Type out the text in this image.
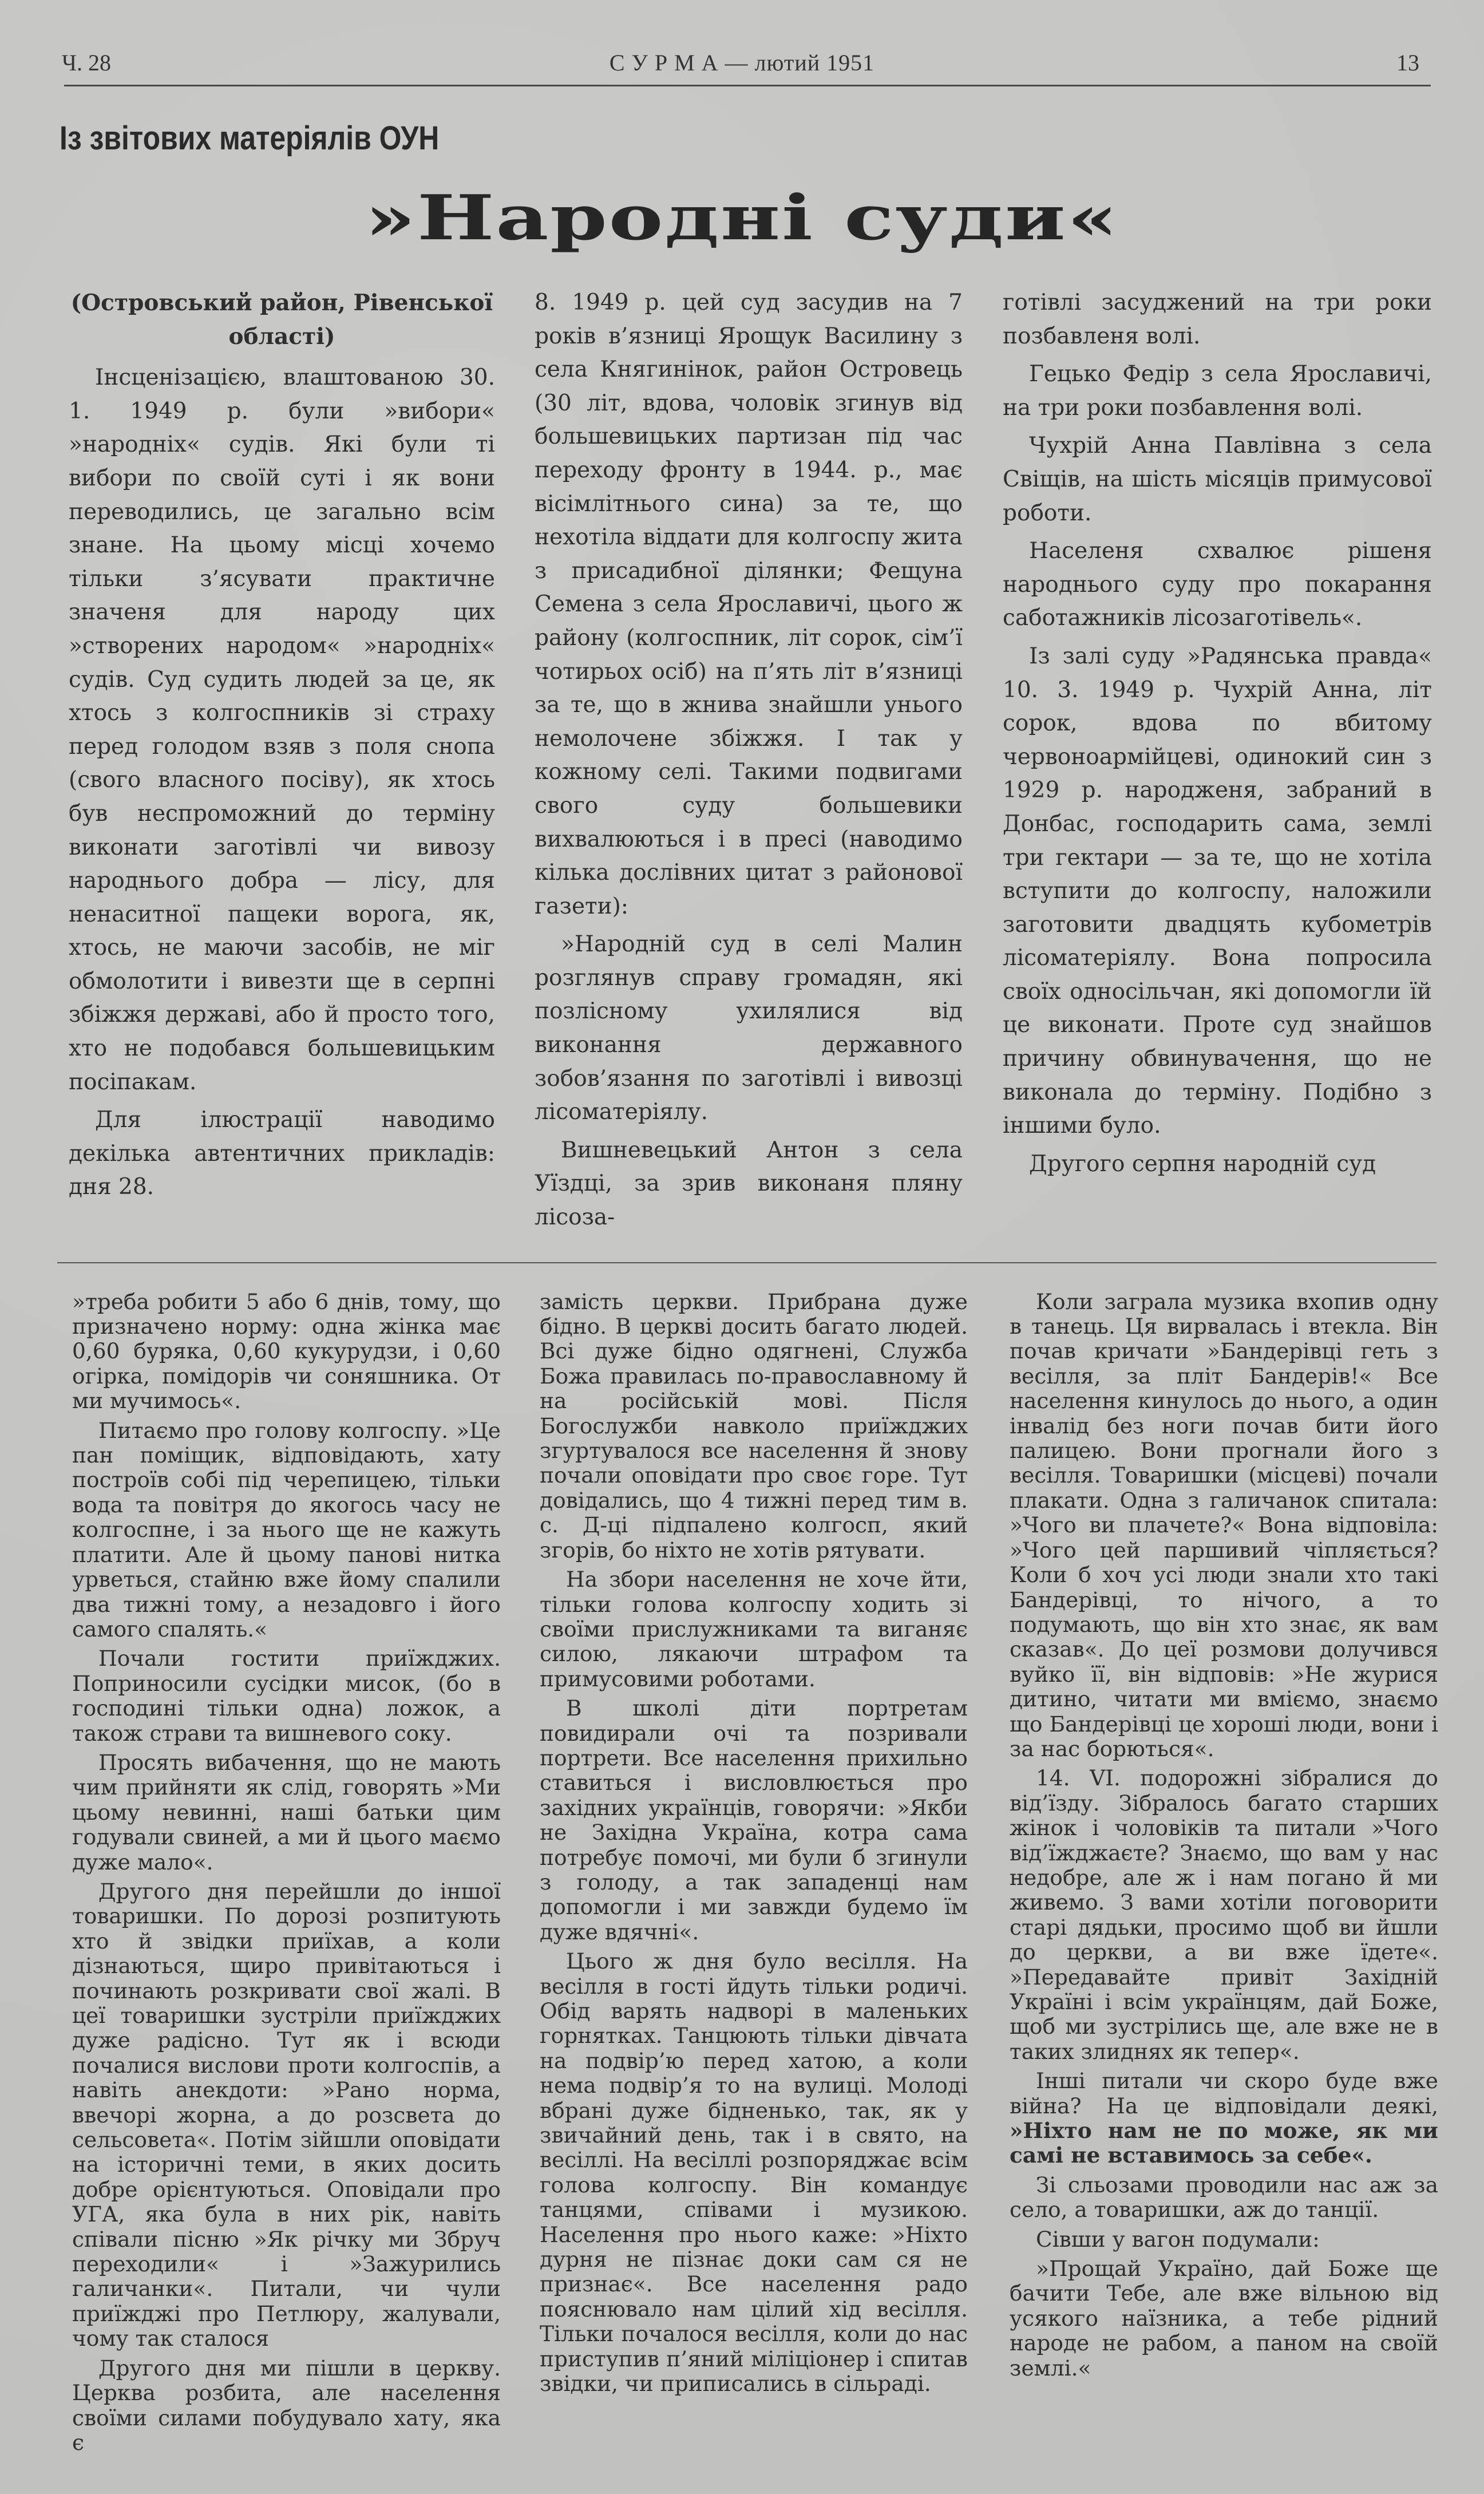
Ч. 28	С У Р М А — лютий 1951	13
Із звітових матеріялів ОУН
»Народні суди«

(Островський район, Рівенської області)

Інсценізацією, влаштованою 30. 1. 1949 р. були »вибори« »народніх« судів. Які були ті вибори по своїй суті і як вони переводились, це загально всім знане. На цьому місці хочемо тільки з’ясувати практичне значеня для народу цих »створених народом« »народніх« судів. Суд судить людей за це, як хтось з колгоспників зі страху перед голодом взяв з поля снопа (свого власного посіву), як хтось був неспроможний до терміну виконати заготівлі чи вивозу народнього добра — лісу, для ненаситної пащеки ворога, як, хтось, не маючи засобів, не міг обмолотити і вивезти ще в серпні збіжжя державі, або й просто того, хто не подобався большевицьким посіпакам.

Для ілюстрації наводимо декілька автентичних прикладів: дня 28.

8. 1949 р. цей суд засудив на 7 років в’язниці Ярощук Василину з села Княгинінок, район Островець (30 літ, вдова, чоловік згинув від большевицьких партизан під час переходу фронту в 1944. р., має вісімлітнього сина) за те, що нехотіла віддати для колгоспу жита з присадибної ділянки; Фещуна Семена з села Ярославичі, цього ж району (колгоспник, літ сорок, сім’ї чотирьох осіб) на п’ять літ в’язниці за те, що в жнива знайшли унього немолочене збіжжя. І так у кожному селі. Такими подвигами свого суду большевики вихвалюються і в пресі (наводимо кілька дослівних цитат з районової газети):

»Народній суд в селі Малин розглянув справу громадян, які позлісному ухилялися від виконання державного зобов’язання по заготівлі і вивозці лісоматеріялу.

Вишневецький Антон з села Уїздці, за зрив виконаня пляну лісоза-

готівлі засуджений на три роки позбавленя волі.

Гецько Федір з села Ярославичі, на три роки позбавлення волі.

Чухрій Анна Павлівна з села Свіщів, на шість місяців примусової роботи.

Населеня схвалює рішеня народнього суду про покарання саботажників лісозаготівель«.

Із залі суду »Радянська правда« 10. 3. 1949 р. Чухрій Анна, літ сорок, вдова по вбитому червоноармійцеві, одинокий син з 1929 р. народженя, забраний в Донбас, господарить сама, землі три гектари — за те, що не хотіла вступити до колгоспу, наложили заготовити двадцять кубометрів лісоматеріялу. Вона попросила своїх односільчан, які допомогли їй це виконати. Проте суд знайшов причину обвинувачення, що не виконала до терміну. Подібно з іншими було.

Другого серпня народній суд

»треба робити 5 або 6 днів, тому, що призначено норму: одна жінка має 0,60 буряка, 0,60 кукурудзи, і 0,60 огірка, помідорів чи соняшника. От ми мучимось«.

Питаємо про голову колгоспу. »Це пан поміщик, відповідають, хату построїв собі під черепицею, тільки вода та повітря до якогось часу не колгоспне, і за нього ще не кажуть платити. Але й цьому панові нитка урветься, стайню вже йому спалили два тижні тому, а незадовго і його самого спалять.«

Почали гостити приїжджих. Поприносили сусідки мисок, (бо в господині тільки одна) ложок, а також страви та вишневого соку.

Просять вибачення, що не мають чим прийняти як слід, говорять »Ми цьому невинні, наші батьки цим годували свиней, а ми й цього маємо дуже мало«.

Другого дня перейшли до іншої товаришки. По дорозі розпитують хто й звідки приїхав, а коли дізнаються, щиро привітаються і починають розкривати свої жалі. В цеї товаришки зустріли приїжджих дуже радісно. Тут як і всюди почалися вислови проти колгоспів, а навіть анекдоти: »Рано норма, ввечорі жорна, а до розсвета до сельсовета«. Потім зійшли оповідати на історичні теми, в яких досить добре орієнтуються. Оповідали про УГА, яка була в них рік, навіть співали пісню »Як річку ми Збруч переходили« і »Зажурились галичанки«. Питали, чи чули приїжджі про Петлюру, жалували, чому так сталося

Другого дня ми пішли в церкву. Церква розбита, але населення своїми силами побудувало хату, яка є

замість церкви. Прибрана дуже бідно. В церкві досить багато людей. Всі дуже бідно одягнені, Служба Божа правилась по-православному й на російській мові. Після Богослужби навколо приїжджих згуртувалося все населення й знову почали оповідати про своє горе. Тут довідались, що 4 тижні перед тим в. с. Д-ці підпалено колгосп, який згорів, бо ніхто не хотів рятувати.

На збори населення не хоче йти, тільки голова колгоспу ходить зі своїми прислужниками та виганяє силою, лякаючи штрафом та примусовими роботами.

В школі діти портретам повидирали очі та позривали портрети. Все населення прихильно ставиться і висловлюється про західних українців, говорячи: »Якби не Західна Україна, котра сама потребує помочі, ми були б згинули з голоду, а так западенці нам допомогли і ми завжди будемо їм дуже вдячні«.

Цього ж дня було весілля. На весілля в гості йдуть тільки родичі. Обід варять надворі в маленьких горнятках. Танцюють тільки дівчата на подвір’ю перед хатою, а коли нема подвір’я то на вулиці. Молоді вбрані дуже бідненько, так, як у звичайний день, так і в свято, на весіллі. На весіллі розпоряджає всім голова колгоспу. Він командує танцями, співами і музикою. Населення про нього каже: »Ніхто дурня не пізнає доки сам ся не признає«. Все населення радо пояснювало нам цілий хід весілля. Тільки почалося весілля, коли до нас приступив п’яний міліціонер і спитав звідки, чи приписались в сільраді.

Коли заграла музика вхопив одну в танець. Ця вирвалась і втекла. Він почав кричати »Бандерівці геть з весілля, за пліт Бандерів!« Все населення кинулось до нього, а один інвалід без ноги почав бити його палицею. Вони прогнали його з весілля. Товаришки (місцеві) почали плакати. Одна з галичанок спитала: »Чого ви плачете?« Вона відповіла: »Чого цей паршивий чіпляється? Коли б хоч усі люди знали хто такі Бандерівці, то нічого, а то подумають, що він хто знає, як вам сказав«. До цеї розмови долучився вуйко її, він відповів: »Не журися дитино, читати ми вміємо, знаємо що Бандерівці це хороші люди, вони і за нас борються«.

14. VI. подорожні зібралися до від’їзду. Зібралось багато старших жінок і чоловіків та питали »Чого від’їжджаєте? Знаємо, що вам у нас недобре, але ж і нам погано й ми живемо. З вами хотіли поговорити старі дядьки, просимо щоб ви йшли до церкви, а ви вже їдете«. »Передавайте привіт Західній Україні і всім українцям, дай Боже, щоб ми зустрілись ще, але вже не в таких злиднях як тепер«.

Інші питали чи скоро буде вже війна? На це відповідали деякі, »Ніхто нам не по може, як ми самі не вставимось за себе«.

Зі сльозами проводили нас аж за село, а товаришки, аж до танції.

Сівши у вагон подумали:

»Прощай Україно, дай Боже ще бачити Тебе, але вже вільною від усякого наїзника, а тебе рідний народе не рабом, а паном на своїй землі.«
